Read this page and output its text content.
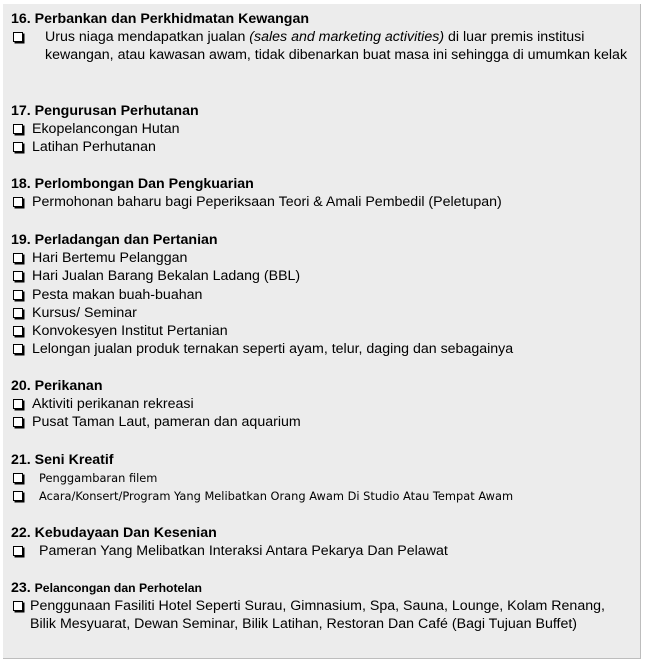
16. Perbankan dan Perkhidmatan Kewangan
Urus niaga mendapatkan jualan (sales and marketing activities) di luar premis institusi kewangan, atau kawasan awam, tidak dibenarkan buat masa ini sehingga di umumkan kelak
17. Pengurusan Perhutanan
Ekopelancongan Hutan
Latihan Perhutanan
18. Perlombongan Dan Pengkuarian
Permohonan baharu bagi Peperiksaan Teori & Amali Pembedil (Peletupan)
19. Perladangan dan Pertanian
Hari Bertemu Pelanggan
Hari Jualan Barang Bekalan Ladang (BBL)
Pesta makan buah-buahan
Kursus/ Seminar
Konvokesyen Institut Pertanian
Lelongan jualan produk ternakan seperti ayam, telur, daging dan sebagainya
20. Perikanan
Aktiviti perikanan rekreasi
Pusat Taman Laut, pameran dan aquarium
21. Seni Kreatif
Penggambaran filem
Acara/Konsert/Program Yang Melibatkan Orang Awam Di Studio Atau Tempat Awam
22. Kebudayaan Dan Kesenian
Pameran Yang Melibatkan Interaksi Antara Pekarya Dan Pelawat
23. Pelancongan dan Perhotelan
Penggunaan Fasiliti Hotel Seperti Surau, Gimnasium, Spa, Sauna, Lounge, Kolam Renang, Bilik Mesyuarat, Dewan Seminar, Bilik Latihan, Restoran Dan Café (Bagi Tujuan Buffet)
